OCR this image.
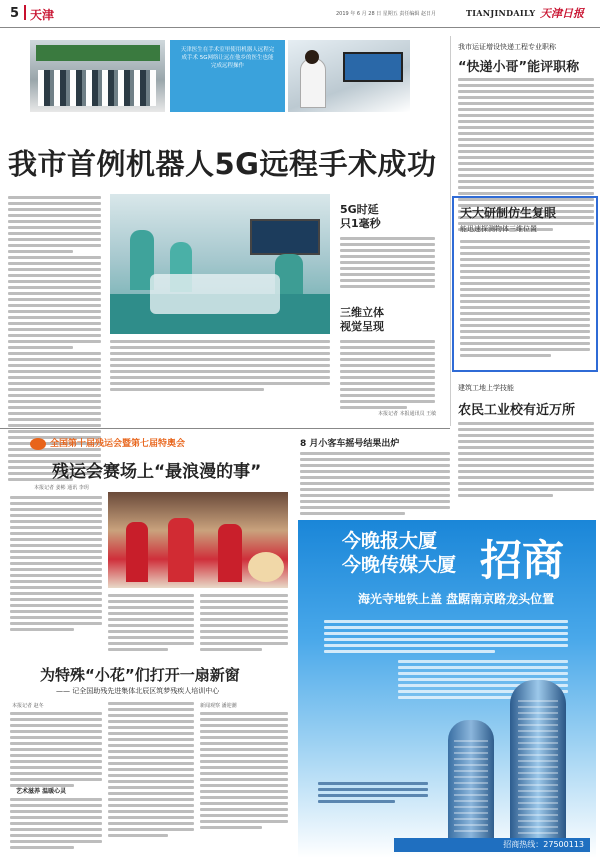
5 天津	2019 年 6 月 28 日 星期五 责任编辑 赵日月	TIANJINDAILY 天津日报
天津医生在手术室里使用机器人远程完成手术 5G网络让远在他乡的医生也能完成远程操作
我市首例机器人5G远程手术成功
5G时延
只1毫秒
三维立体
视觉呈现
本报记者 本报通讯员 王敏
我市运证增设快递工程专业职称
“快递小哥”能评职称
天大研制仿生复眼
能迅速探测物体三维位置
建筑工地上学技能
农民工业校有近万所
全国第十届残运会暨第七届特奥会
残运会赛场上“最浪漫的事”
本报记者 姜彬 通讯 李玥
为特殊“小花”们打开一扇新窗
—— 记全国助残先进集体北辰区筑梦残疾人培训中心
本报记者 赵冬
艺术滋养 温暖心灵
新闻观察 潘迎潮
8 月小客车摇号结果出炉
今晚报大厦
今晚传媒大厦 招商
海光寺地铁上盖 盘踞南京路龙头位置
招商热线：27500113
